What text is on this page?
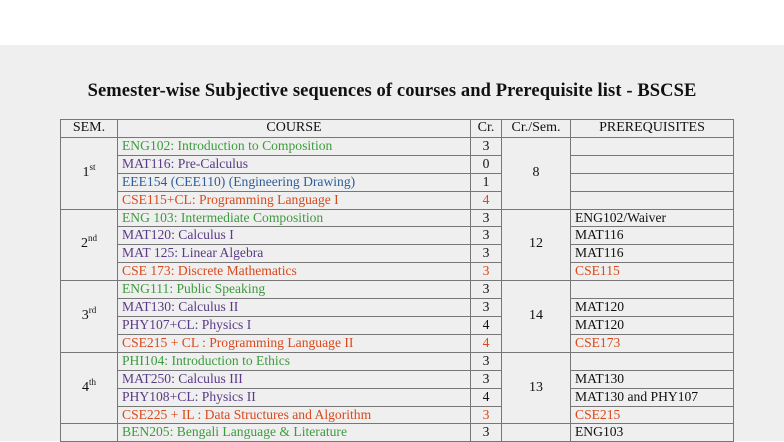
Semester-wise Subjective sequences of courses and Prerequisite list - BSCSE
SEM.	COURSE	Cr.	Cr./Sem.	PREREQUISITES
1st	ENG102: Introduction to Composition	3	8	
	MAT116: Pre-Calculus	0		
	EEE154 (CEE110) (Engineering Drawing)	1		
	CSE115+CL: Programming Language I	4		
2nd	ENG 103: Intermediate Composition	3	12	ENG102/Waiver
	MAT120: Calculus I	3		MAT116
	MAT 125: Linear Algebra	3		MAT116
	CSE 173: Discrete Mathematics	3		CSE115
3rd	ENG111: Public Speaking	3	14	
	MAT130: Calculus II	3		MAT120
	PHY107+CL: Physics I	4		MAT120
	CSE215 + CL : Programming Language II	4		CSE173
4th	PHI104: Introduction to Ethics	3	13	
	MAT250: Calculus III	3		MAT130
	PHY108+CL: Physics II	4		MAT130 and PHY107
	CSE225 + IL : Data Structures and Algorithm	3		CSE215
	BEN205: Bengali Language & Literature	3		ENG103
